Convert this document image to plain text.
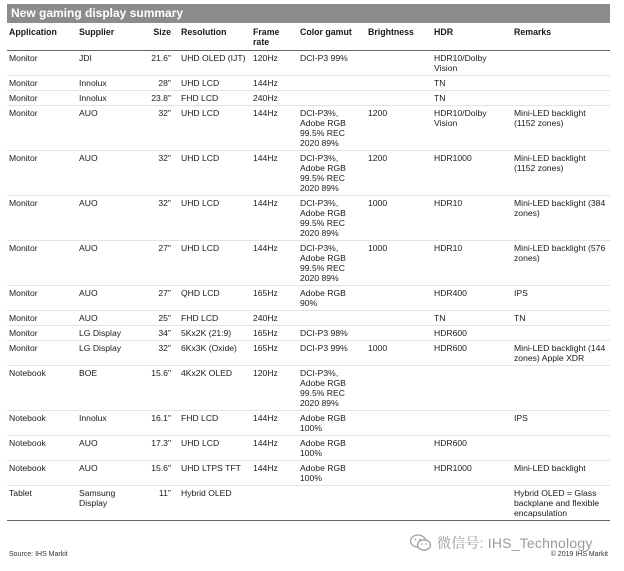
New gaming display summary
Application	Supplier	Size	Resolution	Frame rate	Color gamut	Brightness	HDR	Remarks
Monitor	JDI	21.6"	UHD OLED (IJT)	120Hz	DCI-P3 99%		HDR10/Dolby Vision	
Monitor	Innolux	28"	UHD LCD	144Hz			TN	
Monitor	Innolux	23.8"	FHD LCD	240Hz			TN	
Monitor	AUO	32"	UHD LCD	144Hz	DCI-P3%, Adobe RGB 99.5% REC 2020 89%	1200	HDR10/Dolby Vision	Mini-LED backlight (1152 zones)
Monitor	AUO	32"	UHD LCD	144Hz	DCI-P3%, Adobe RGB 99.5% REC 2020 89%	1200	HDR1000	Mini-LED backlight (1152 zones)
Monitor	AUO	32"	UHD LCD	144Hz	DCI-P3%, Adobe RGB 99.5% REC 2020 89%	1000	HDR10	Mini-LED backlight (384 zones)
Monitor	AUO	27"	UHD LCD	144Hz	DCI-P3%, Adobe RGB 99.5% REC 2020 89%	1000	HDR10	Mini-LED backlight (576 zones)
Monitor	AUO	27"	QHD LCD	165Hz	Adobe RGB 90%		HDR400	IPS
Monitor	AUO	25"	FHD LCD	240Hz			TN	TN
Monitor	LG Display	34"	5Kx2K (21:9)	165Hz	DCI-P3 98%		HDR600	
Monitor	LG Display	32"	6Kx3K (Oxide)	165Hz	DCI-P3 99%	1000	HDR600	Mini-LED backlight (144 zones) Apple XDR
Notebook	BOE	15.6"	4Kx2K OLED	120Hz	DCI-P3%, Adobe RGB 99.5% REC 2020 89%			
Notebook	Innolux	16.1"	FHD LCD	144Hz	Adobe RGB 100%			IPS
Notebook	AUO	17.3"	UHD LCD	144Hz	Adobe RGB 100%		HDR600	
Notebook	AUO	15.6"	UHD LTPS TFT	144Hz	Adobe RGB 100%		HDR1000	Mini-LED backlight
Tablet	Samsung Display	11"	Hybrid OLED					Hybrid OLED = Glass backplane and flexible encapsulation
Source: IHS Markit	© 2019 IHS Markit
微信号: IHS_Technology
